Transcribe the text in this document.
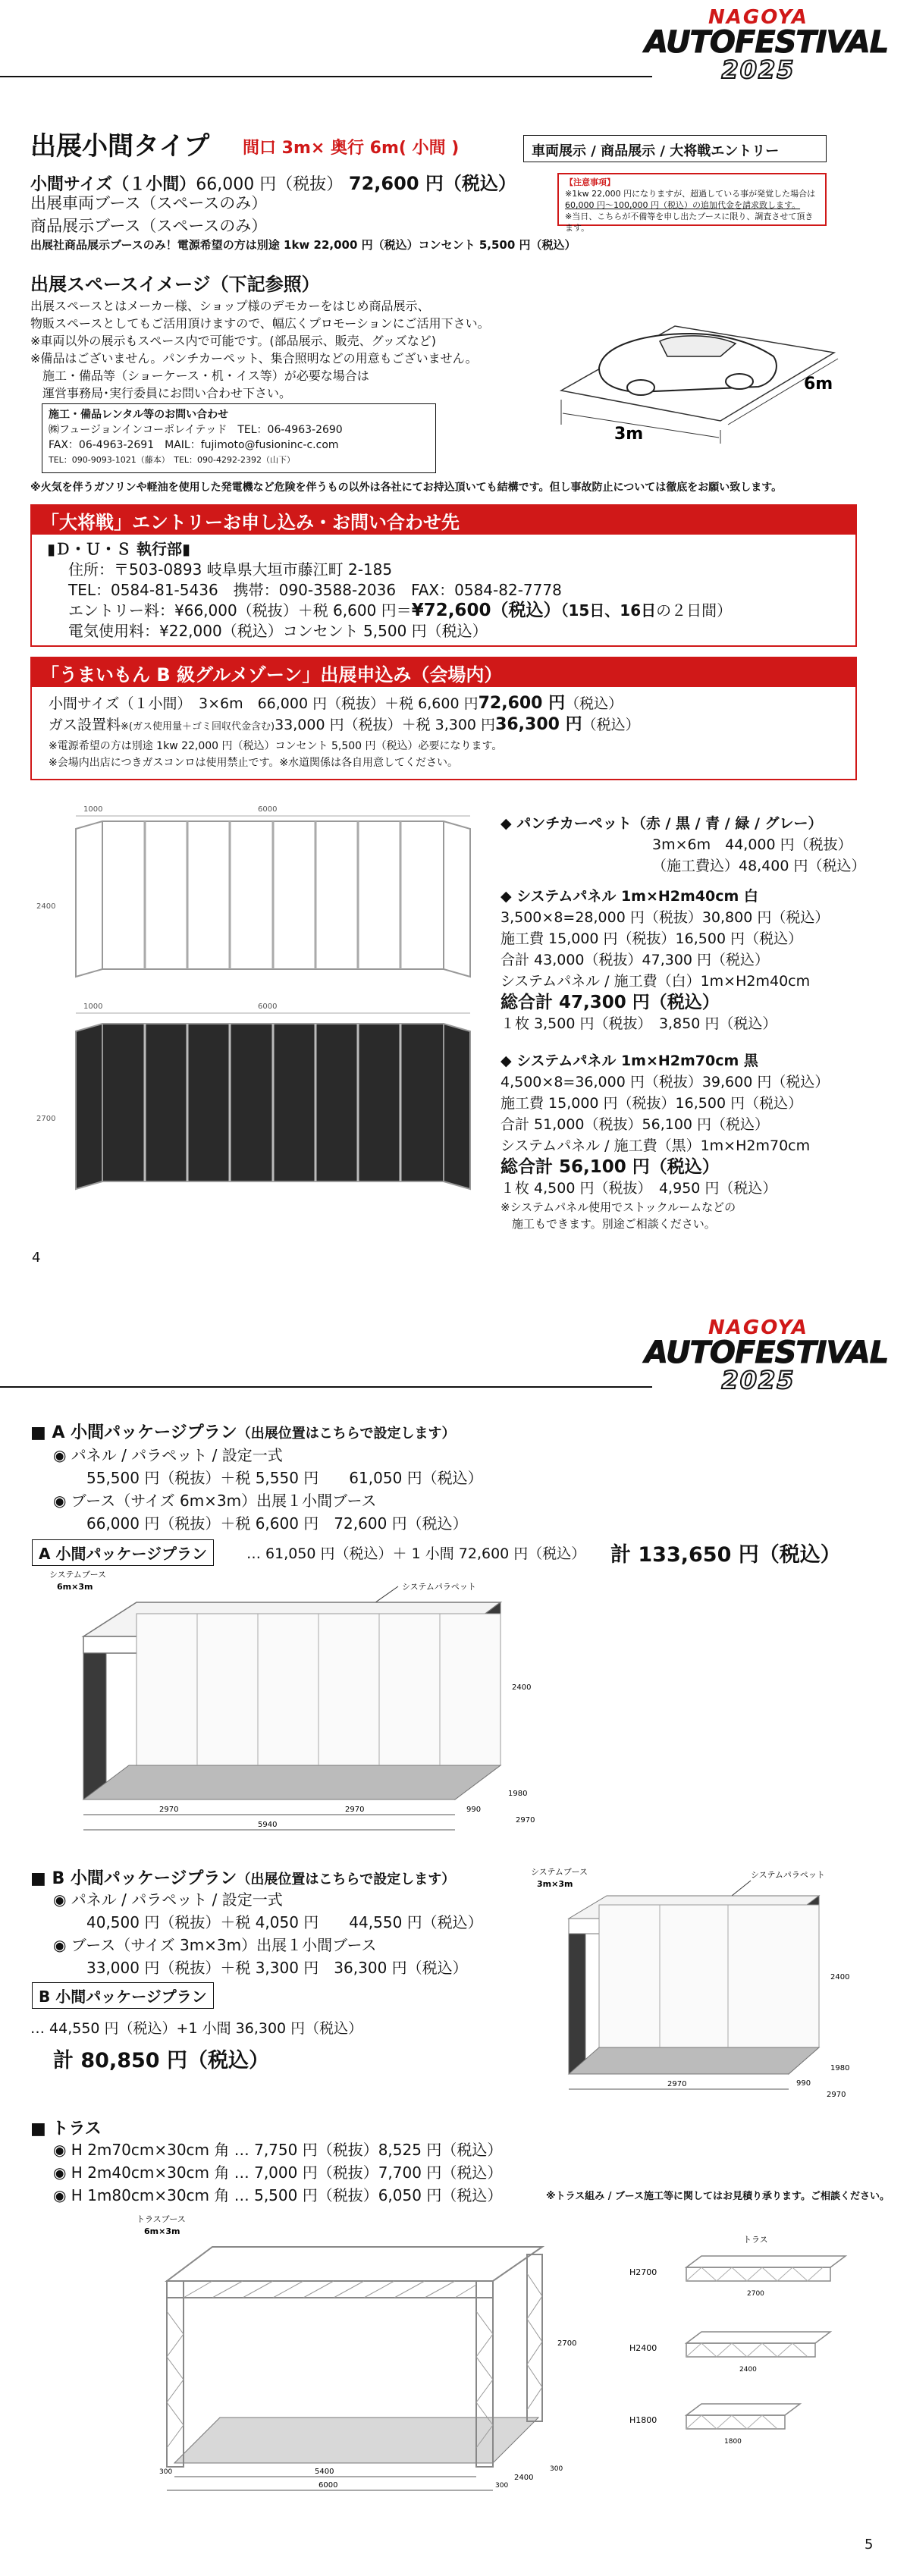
NAGOYA
AUTOFESTIVAL
2025
出展小間タイプ 間口 3m× 奥行 6m( 小間 )	車両展示 / 商品展示 / 大将戦エントリー
小間サイズ（１小間）66,000 円（税抜） 72,600 円（税込）
出展車両ブース（スペースのみ）
商品展示ブース（スペースのみ）
出展社商品展示ブースのみ！電源希望の方は別途 1kw 22,000 円（税込）コンセント 5,500 円（税込）
【注意事項】
※1kw 22,000 円になりますが、超過している事が発覚した場合は
60,000 円～100,000 円（税込）の追加代金を請求致します。
※当日、こちらが不備等を申し出たブースに限り、調査させて頂きます。
出展スペースイメージ（下記参照）
出展スペースとはメーカー様、ショップ様のデモカーをはじめ商品展示、
物販スペースとしてもご活用頂けますので、幅広くプロモーションにご活用下さい。
※車両以外の展示もスペース内で可能です。(部品展示、販売、グッズなど)
※備品はございません。パンチカーペット、集合照明などの用意もございません。
　施工・備品等（ショーケース・机・イス等）が必要な場合は
　運営事務局･実行委員にお問い合わせ下さい。
3m
6m
施工・備品レンタル等のお問い合わせ
㈱フュージョンインコーポレイテッド　TEL：06-4963-2690
FAX：06-4963-2691　MAIL：fujimoto@fusioninc-c.com
TEL：090-9093-1021（藤本）　TEL：090-4292-2392（山下）
※火気を伴うガソリンや軽油を使用した発電機など危険を伴うもの以外は各社にてお持込頂いても結構です。但し事故防止については徹底をお願い致します。
「大将戦」エントリーお申し込み・お問い合わせ先
▮Ｄ・Ｕ・Ｓ 執行部▮
住所：〒503-0893 岐阜県大垣市藤江町 2-185
TEL：0584-81-5436　携帯：090-3588-2036　FAX：0584-82-7778
エントリー料：¥66,000（税抜）＋税 6,600 円＝¥72,600（税込）（15日、16日の２日間）
電気使用料：¥22,000（税込）コンセント 5,500 円（税込）
「うまいもん B 級グルメゾーン」出展申込み（会場内）
小間サイズ（１小間）　3×6m　66,000 円（税抜）＋税 6,600 円72,600 円（税込）
ガス設置料※(ガス使用量＋ゴミ回収代金含む)33,000 円（税抜）＋税 3,300 円36,300 円（税込）
※電源希望の方は別途 1kw 22,000 円（税込）コンセント 5,500 円（税込）必要になります。
※会場内出店につきガスコンロは使用禁止です。※水道関係は各自用意してください。
1000	6000
2400
1000	6000
2700
◆ パンチカーペット（赤 / 黒 / 青 / 緑 / グレー）
3m×6m　44,000 円（税抜）
（施工費込）48,400 円（税込）
◆ システムパネル 1m×H2m40cm 白
3,500×8=28,000 円（税抜）30,800 円（税込）
施工費 15,000 円（税抜）16,500 円（税込）
合計 43,000（税抜）47,300 円（税込）
システムパネル / 施工費（白）1m×H2m40cm
総合計 47,300 円（税込）
１枚 3,500 円（税抜）　3,850 円（税込）
◆ システムパネル 1m×H2m70cm 黒
4,500×8=36,000 円（税抜）39,600 円（税込）
施工費 15,000 円（税抜）16,500 円（税込）
合計 51,000（税抜）56,100 円（税込）
システムパネル / 施工費（黒）1m×H2m70cm
総合計 56,100 円（税込）
１枚 4,500 円（税抜）　4,950 円（税込）
※システムパネル使用でストックルームなどの
　施工もできます。別途ご相談ください。
4
NAGOYA
AUTOFESTIVAL
2025
■ A 小間パッケージプラン（出展位置はこちらで設定します）
◉ パネル / パラペット / 設定一式
55,500 円（税抜）＋税 5,550 円　　61,050 円（税込）
◉ ブース（サイズ 6m×3m）出展１小間ブース
66,000 円（税抜）＋税 6,600 円　72,600 円（税込）
A 小間パッケージプラン	… 61,050 円（税込）＋ 1 小間 72,600 円（税込） 計 133,650 円（税込）
システムブース
6m×3m	システムパラペット
2970	2970
5940
990
1980
2970
2400
■ B 小間パッケージプラン（出展位置はこちらで設定します）
◉ パネル / パラペット / 設定一式
40,500 円（税抜）＋税 4,050 円　　44,550 円（税込）
◉ ブース（サイズ 3m×3m）出展１小間ブース
33,000 円（税抜）＋税 3,300 円　36,300 円（税込）
B 小間パッケージプラン
… 44,550 円（税込）+1 小間 36,300 円（税込）
計 80,850 円（税込）
システムブース
3m×3m
システムパラペット
2970	990
1980
2970
2400
■ トラス
◉ H 2m70cm×30cm 角 … 7,750 円（税抜）8,525 円（税込）
◉ H 2m40cm×30cm 角 … 7,000 円（税抜）7,700 円（税込）
◉ H 1m80cm×30cm 角 … 5,500 円（税抜）6,050 円（税込）	※トラス組み / ブース施工等に関してはお見積り承ります。ご相談ください。
トラスブース
6m×3m
5400
6000
300
2400
300
2700
300
トラス
H2700
H2400
H1800
2700
2400
1800
5
